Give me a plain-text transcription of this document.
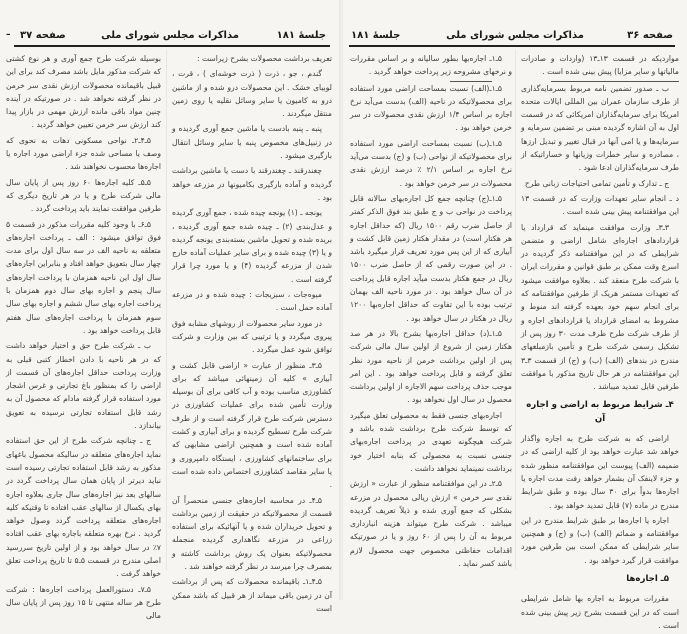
جلسهٔ ۱۸۱
مذاکرات مجلس شورای ملی
صفحه ۳۷
–

تعریف برداشت محصولات بشرح زیراست :

گندم ، جو ، ذرت ( ذرت خوشه‌ای ) ، قرت ، لوبیای خشک . این محصولات درو شده و از ماشین درو به کامیون یا سایر وسائل نقلیه یا روی زمین منتقل میگردند .

پنبه ـ پنبه بادست یا ماشین جمع آوری گردیده و در زنبیل‌های مخصوص پنبه یا سایر وسائل انتقال بارگیری میشود .

چغندرقند ـ چغندرقند با دست یا ماشین برداشت گردیده و آماده بارگیری بکامیونها در مزرعه خواهد بود .

یونجه ـ (۱) یونجه چیده شده ، جمع آوری گردیده و عدل‌بندی (۲) ـ چیده شده جمع آوری گردیده ، بریده شده و تحویل ماشین بسته‌بندی یونجه گردیده و یا (۳) چیده شده و برای سایر عملیات آماده خارج شدن از مزرعه گردیده (۴) و یا مورد چرا قرار گرفته است .

میوه‌جات ، سبزیجات : چیده شده و در مزرعه آماده حمل است .

در مورد سایر محصولات از روشهای مشابه فوق پیروی میگردد و یا ترتیبی که بین وزارت و شرکت توافق شود عمل میگردد .

۵ـ۳ـ منظور از عبارت « اراضی قابل کشت و آبیاری » کلیه آن زمینهائی میباشد که برای کشاورزی مناسب بوده و آب کافی برای آن بوسیله وزارت تأمین شده برای عملیات کشاورزی در دسترس شرکت طرح قرار گرفته است و از طرف شرکت طرح تسطیح گردیده و برای آبیاری و کشت آماده شده است و همچنین اراضی مشابهی که برای ساختمانهای کشاورزی ، ایستگاه دامپروری و یا سایر مقاصد کشاورزی اختصاص داده شده است .

۵ـ۴ـ در محاسبه اجاره‌های جنسی منحصراً آن قسمت از محصولاتیکه در حقیقت از زمین برداشت و تحویل خریداران شده و یا آنهائیکه برای استفاده زراعی در مزرعه نگاهداری گردیده منجمله محصولاتیکه بعنوان یک روش برداشت کاشته و بمصرف چرا میرسد در نظر گرفته خواهند شد .

۵ـ۴ـ۱ـ باقیمانده محصولات که پس از برداشت آن در زمین باقی میماند از هر قبیل که باشد ممکن است

بوسیله شرکت طرح جمع آوری و هر نوع کشتی که شرکت مذکور مایل باشد مصرف کند برای این قبیل باقیمانده محصولات ارزش نقدی سر خرمن در نظر گرفته نخواهد شد . در صورتیکه در آینده چنین مواد باقی مانده ارزش مهمی در بازار پیدا کند ارزش سر خرمن تعیین خواهد گردید .

۵ـ۴ـ۲ـ نواحی مسکونی دهات به نحوی که وصف یا مساحی شده جزء اراضی مورد اجاره یا اجاره‌ها محسوب نخواهند شد .

۵ـ۵ـ کلیه اجاره‌ها ۶۰ روز پس از پایان سال مالی شرکت طرح و یا در هر تاریخ دیگری که طرفین موافقت نمایند باید پرداخت گردد .

۵ـ۶ـ با وجود کلیه مقررات مذکور در قسمت ۵ فوق توافق میشود : الف ـ پرداخت اجاره‌های متعلقه به ناحیه الف در سه سال اول برای مدت چهار سال بتعویق خواهد افتاد و بنابراین اجاره‌های سال اول این ناحیه همزمان با پرداخت اجاره‌های سال پنجم و اجاره بهای سال دوم همزمان با پرداخت اجاره بهای سال ششم و اجاره بهای سال سوم همزمان با پرداخت اجاره‌های سال هفتم قابل پرداخت خواهد بود .

ب ـ شرکت طرح حق و اختیار خواهد داشت که در هر ناحیه با دادن اخطار کتبی قبلی به وزارت پرداخت حداقل اجاره‌های آن قسمت از اراضی را که بمنظور باغ تجارتی و غرس اشجار مورد استفاده قرار گرفته مادام که محصول آن به رشد قابل استفاده تجارتی نرسیده به تعویق بیاندازد .

ج ـ چنانچه شرکت طرح از این حق استفاده نماید اجاره‌های متعلقه در سالیکه محصول باغهای مذکور به رشد قابل استفاده تجارتی رسیده است نباید دیرتر از پایان همان سال پرداخت گردد در سالهای بعد نیز اجاره‌های سال جاری بعلاوه اجاره بهای یکسال از سالهای عقب افتاده تا وقتیکه کلیه اجاره‌های متعلقه پرداخت گردد وصول خواهد گردید . نرخ بهره متعلقه باجاره بهای عقب افتاده ۷٪ در سال خواهد بود و از اولین تاریخ سررسید اصلی مندرج در قسمت ۵ـ۵ تا تاریخ پرداخت تعلق خواهد گرفت .

۵ـ۷ـ دستورالعمل پرداخت اجاره‌ها : شرکت طرح هر ساله منتهی تا ۱۵ روز پس از پایان سال مالی

صفحه ۳۶
مذاکرات مجلس شورای ملی
جلسهٔ ۱۸۱

موارديكه در قسمت ۱۳ـ۱۳ (واردات و صادرات مالیاتها و سایر مزایا) پیش بینی شده است .

ب ـ صدور تضمین نامه مربوط بسرمایه‌گذاری از طرف سازمان عمران بین المللی ایالات متحده امریکا برای سرمایه‌گذاران امریکائی که در قسمت اول به آن اشاره گردیده مبنی بر تضمین سرمایه و سرمایه‌ها و یا امی آنها در قبال تغییر و تبدیل ارزها ، مصادره و سایر خطرات وزیانها و خساراتیکه از طرف سرمایه‌گذاران ادعا شود .

ج ـ تدارک و تأمین تمامی احتیاجات زبانی طرح

د ـ انجام سایر تعهدات وزارت که در قسمت ۱۳ این موافقتنامه پیش بینی شده است .

۳ـ۳ـ وزارت موافقت مینماید که قرارداد یا قراردادهای اجاره‌ای شامل اراضی و متضمن شرایطی که در این موافقتنامه ذکر گردیده در اسرع وقت ممکن بر طبق قوانین و مقررات ایران با شرکت طرح منعقد کند . بعلاوه موافقت میشود که تعهدات مستمر هریک از طرفین موافقتنامه که برای انجام سهم خود بعهده گرفته اند منوط و مشروط به امضای قرارداد یا قراردادهای اجاره و از طرف شرکت طرح ظرف مدت ۳۰ روز پس از تشکیل رسمی شرکت طرح و تأمین بازمبلغهای مندرج در بندهای (الف) (ب) و (ج) از قسمت ۳ـ۳ این موافقتنامه در هر حال تاریخ مذکور با موافقت طرفین قابل تمدید میباشد .

۴ـ شرایط مربوط به اراضی و اجاره آن

اراضی که به شرکت طرح به اجاره واگذار خواهد شد عبارت خواهد بود از کلیه اراضی که در ضمیمه (الف) پیوست این موافقتنامه منظور شده و جزء لاینفک آن بشمار خواهد رفت مدت اجاره یا اجاره‌ها بدواً برای ۳۰ سال بوده و طبق شرایط مندرج در ماده (۷) قابل تمدید خواهد بود .

اجاره یا اجاره‌ها بر طبق شرایط مندرج در این موافقتنامه و ضمائم (الف) (ب) و (ج) و همچنین سایر شرایطی که ممکن است بین طرفین مورد موافقت قرار گیرد خواهد بود .

۵ـ اجاره‌ها

مقررات مربوط به اجاره بها شامل شرایطی است که در این قسمت بشرح زیر پیش بینی شده است .

۵ـ۱ـ اجاره‌بها بطور سالیانه و بر اساس مقررات و نرخهای مشروحه زیر پرداخت خواهد گردید .

۵ـ۱ـ(الف) نسبت بمساحت اراضی مورد استفاده برای محصولاتیکه در ناحیه (الف) بدست می‌آید نرخ اجاره بر اساس ۱/۴ ارزش نقدی محصولات در سر خرمن خواهد بود .

۵ـ۱ـ(ب) نسبت بمساحت اراضی مورد استفاده برای محصولاتیکه از نواحی (ب) و (ج) بدست می‌آید نرخ اجاره بر اساس ۲/۱ ٪ درصد ارزش نقدی محصولات در سر خرمن خواهد بود .

۵ـ۱ـ(ج) چنانچه جمع کل اجاره‌بهای سالانه قابل پرداخت در نواحی ب و ج طبق بند فوق الذکر کمتر از حاصل ضرب رقم ۱۵۰۰ ریال (که حداقل اجاره هر هکتار است) در مقدار هکتار زمین قابل کشت و آبیاری که از این پس مورد تعریف قرار میگیرد باشد . در این صورت رقمی که از حاصل ضرب ۱۵۰۰ ریال در جمع هکتار بدست میآید اجاره قابل پرداخت در آن سال خواهد بود . در مورد ناحیه الف بهمان ترتیب بوده با این تفاوت که حداقل اجاره‌بها ۱۲۰۰ ریال در هکتار در سال خواهد بود .

۵ـ۱ـ(د) حداقل اجاره‌بها بشرح بالا در هر صد هکتار زمین از شروع از اولین سال مالی شرکت پس از اولین برداشت خرمن از ناحیه مورد نظر تعلق گرفته و قابل پرداخت خواهد بود . این امر موجب حذف پرداخت سهم الاجاره از اولین برداشت محصول در سال اول نخواهد بود .

اجاره‌بهای جنسی فقط به محصولی تعلق میگیرد که توسط شرکت طرح برداشت شده باشد و شرکت هیچگونه تعهدی در پرداخت اجاره‌بهای جنسی نسبت به محصولی که بنابه اختیار خود برداشت نمینماید نخواهد داشت .

۵ـ۲ـ در این موافقتنامه منظور از عبارت « ارزش نقدی سر خرمن » ارزش ریالی محصول در مزرعه بشکلی که جمع آوری شده و ذیلاً تعریف گردیده میباشد . شرکت طرح میتواند هزینه انبارداری مربوط به آن را پس از ۶۰ روز و یا در صورتیکه اقدامات حفاظتی مخصوص جهت محصول لازم باشد کسر نماید .
